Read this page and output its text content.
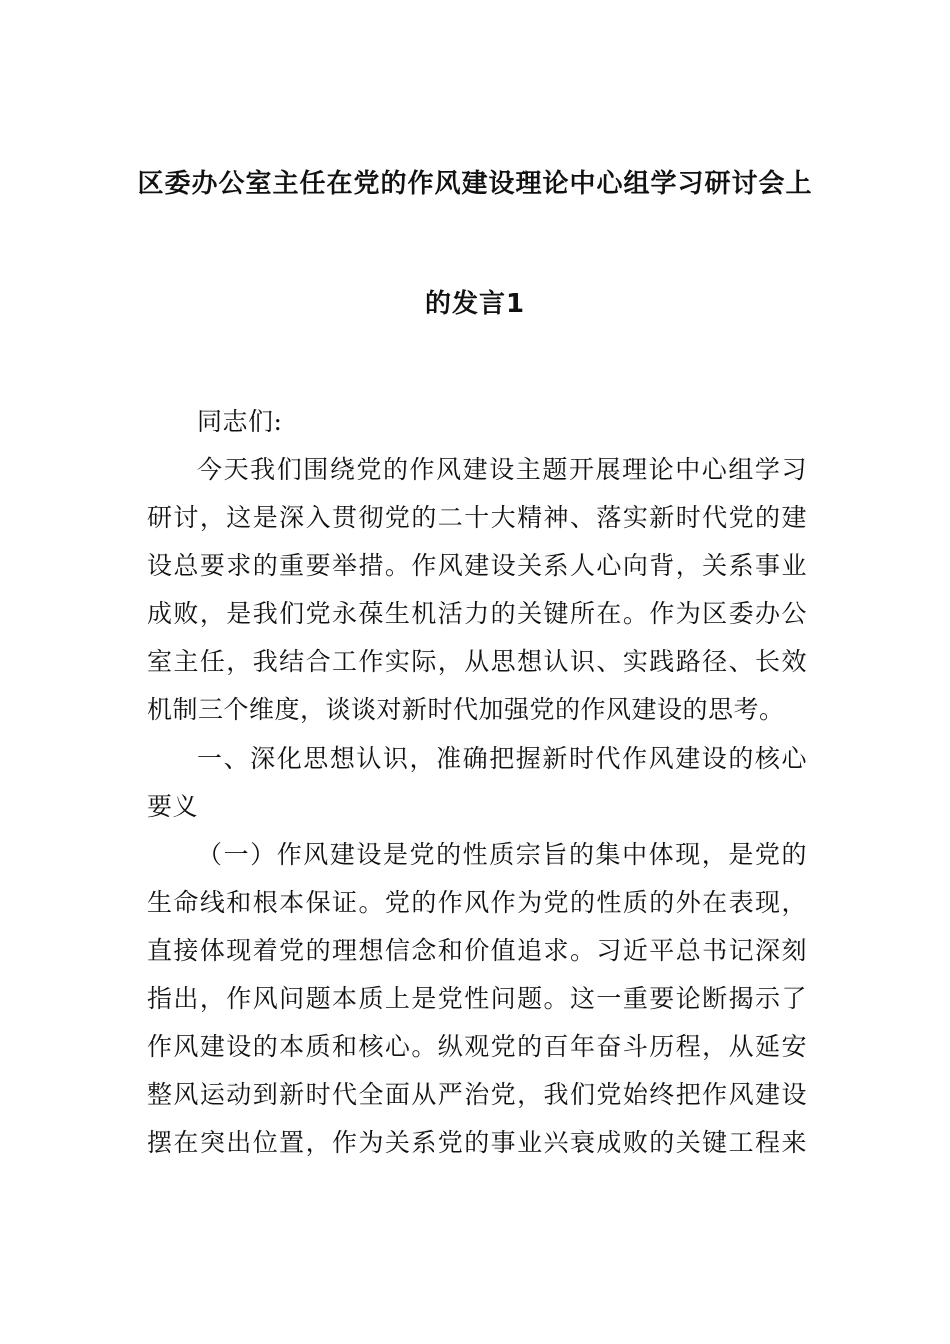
区委办公室主任在党的作风建设理论中心组学习研讨会上
的发言1
同志们:
今天我们围绕党的作风建设主题开展理论中心组学习
研讨，这是深入贯彻党的二十大精神、落实新时代党的建
设总要求的重要举措。作风建设关系人心向背，关系事业
成败，是我们党永葆生机活力的关键所在。作为区委办公
室主任，我结合工作实际，从思想认识、实践路径、长效
机制三个维度，谈谈对新时代加强党的作风建设的思考。
一、深化思想认识，准确把握新时代作风建设的核心
要义
（一）作风建设是党的性质宗旨的集中体现，是党的
生命线和根本保证。党的作风作为党的性质的外在表现，
直接体现着党的理想信念和价值追求。习近平总书记深刻
指出，作风问题本质上是党性问题。这一重要论断揭示了
作风建设的本质和核心。纵观党的百年奋斗历程，从延安
整风运动到新时代全面从严治党，我们党始终把作风建设
摆在突出位置，作为关系党的事业兴衰成败的关键工程来
